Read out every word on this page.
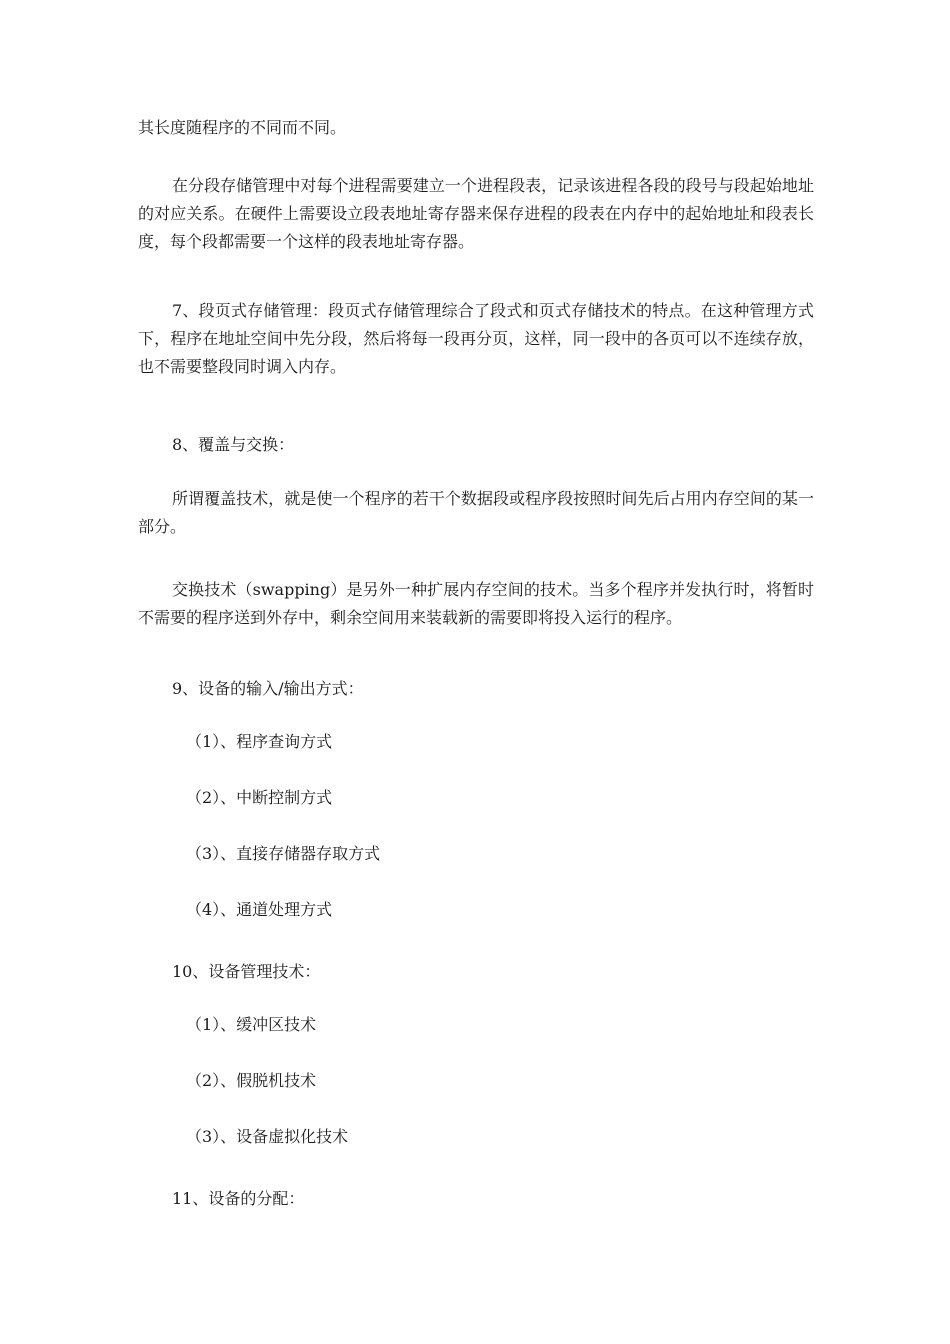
其长度随程序的不同而不同。

在分段存储管理中对每个进程需要建立一个进程段表，记录该进程各段的段号与段起始地址的对应关系。在硬件上需要设立段表地址寄存器来保存进程的段表在内存中的起始地址和段表长度，每个段都需要一个这样的段表地址寄存器。

7、段页式存储管理：段页式存储管理综合了段式和页式存储技术的特点。在这种管理方式下，程序在地址空间中先分段，然后将每一段再分页，这样，同一段中的各页可以不连续存放，也不需要整段同时调入内存。

8、覆盖与交换：

所谓覆盖技术，就是使一个程序的若干个数据段或程序段按照时间先后占用内存空间的某一部分。

交换技术（swapping）是另外一种扩展内存空间的技术。当多个程序并发执行时，将暂时不需要的程序送到外存中，剩余空间用来装载新的需要即将投入运行的程序。

9、设备的输入/输出方式：

（1）、程序查询方式

（2）、中断控制方式

（3）、直接存储器存取方式

（4）、通道处理方式

10、设备管理技术：

（1）、缓冲区技术

（2）、假脱机技术

（3）、设备虚拟化技术

11、设备的分配：
